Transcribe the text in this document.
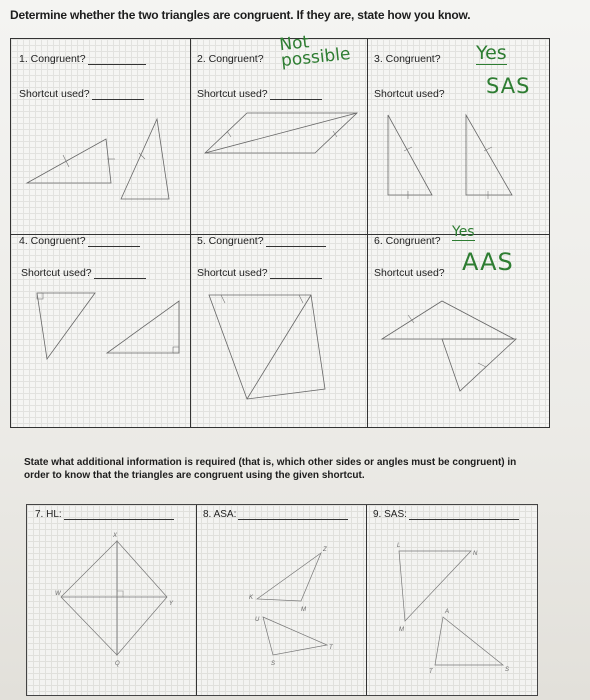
Determine whether the two triangles are congruent. If they are, state how you know.
1. Congruent?
Shortcut used?
2. Congruent?
Shortcut used?
3. Congruent?
Shortcut used?
4. Congruent?
Shortcut used?
5. Congruent?
Shortcut used?
6. Congruent?
Shortcut used?
Not possible	Yes
SAS
Yes
AAS
State what additional information is required (that is, which other sides or angles must be congruent) in order to know that the triangles are congruent using the given shortcut.
7. HL:
X
W
Y
Q
8. ASA:
Z
K
M
U
S
T
9. SAS:
L
N
M
A
T	S
